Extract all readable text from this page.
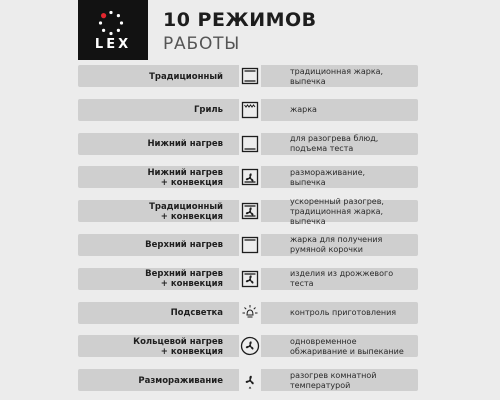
LEX
10 РЕЖИМОВ
РАБОТЫ
Традиционный
традиционная жарка,
выпечка
Гриль	жарка
Нижний нагрев
для разогрева блюд,
подъема теста
Нижний нагрев
+ конвекция
размораживание,
выпечка
Традиционный
+ конвекция
ускоренный разогрев,
традиционная жарка,
выпечка
Верхний нагрев
жарка для получения
румяной корочки
Верхний нагрев
+ конвекция
изделия из дрожжевого
теста
Подсветка	контроль приготовления
Кольцевой нагрев
+ конвекция
одновременное
обжаривание и выпекание
Размораживание
разогрев комнатной
температурой
